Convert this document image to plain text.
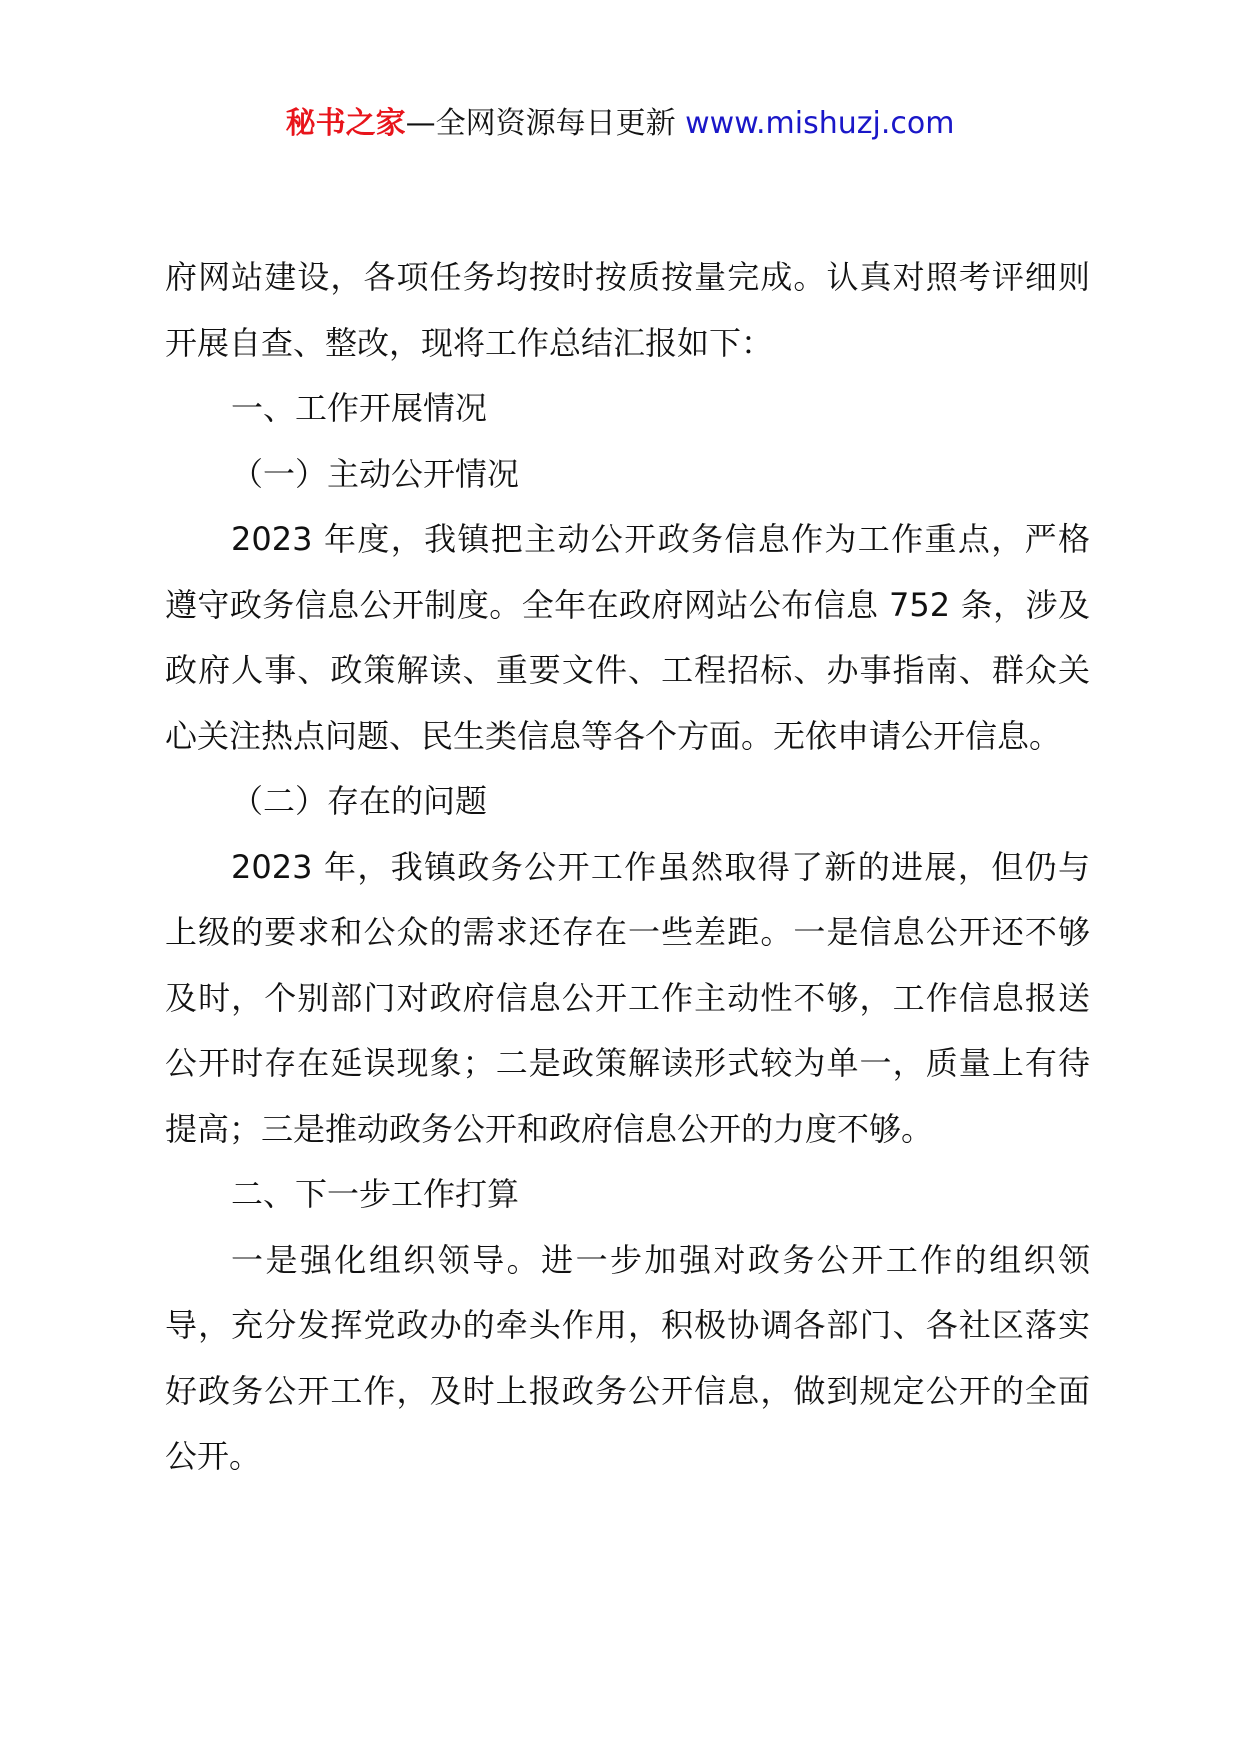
秘书之家—全网资源每日更新 www.mishuzj.com

府网站建设，各项任务均按时按质按量完成。认真对照考评细则开展自查、整改，现将工作总结汇报如下：

一、工作开展情况

（一）主动公开情况

2023 年度，我镇把主动公开政务信息作为工作重点，严格遵守政务信息公开制度。全年在政府网站公布信息 752 条，涉及政府人事、政策解读、重要文件、工程招标、办事指南、群众关心关注热点问题、民生类信息等各个方面。无依申请公开信息。

（二）存在的问题

2023 年，我镇政务公开工作虽然取得了新的进展，但仍与上级的要求和公众的需求还存在一些差距。一是信息公开还不够及时，个别部门对政府信息公开工作主动性不够，工作信息报送公开时存在延误现象；二是政策解读形式较为单一，质量上有待提高；三是推动政务公开和政府信息公开的力度不够。

二、下一步工作打算

一是强化组织领导。进一步加强对政务公开工作的组织领导，充分发挥党政办的牵头作用，积极协调各部门、各社区落实好政务公开工作，及时上报政务公开信息，做到规定公开的全面公开。
